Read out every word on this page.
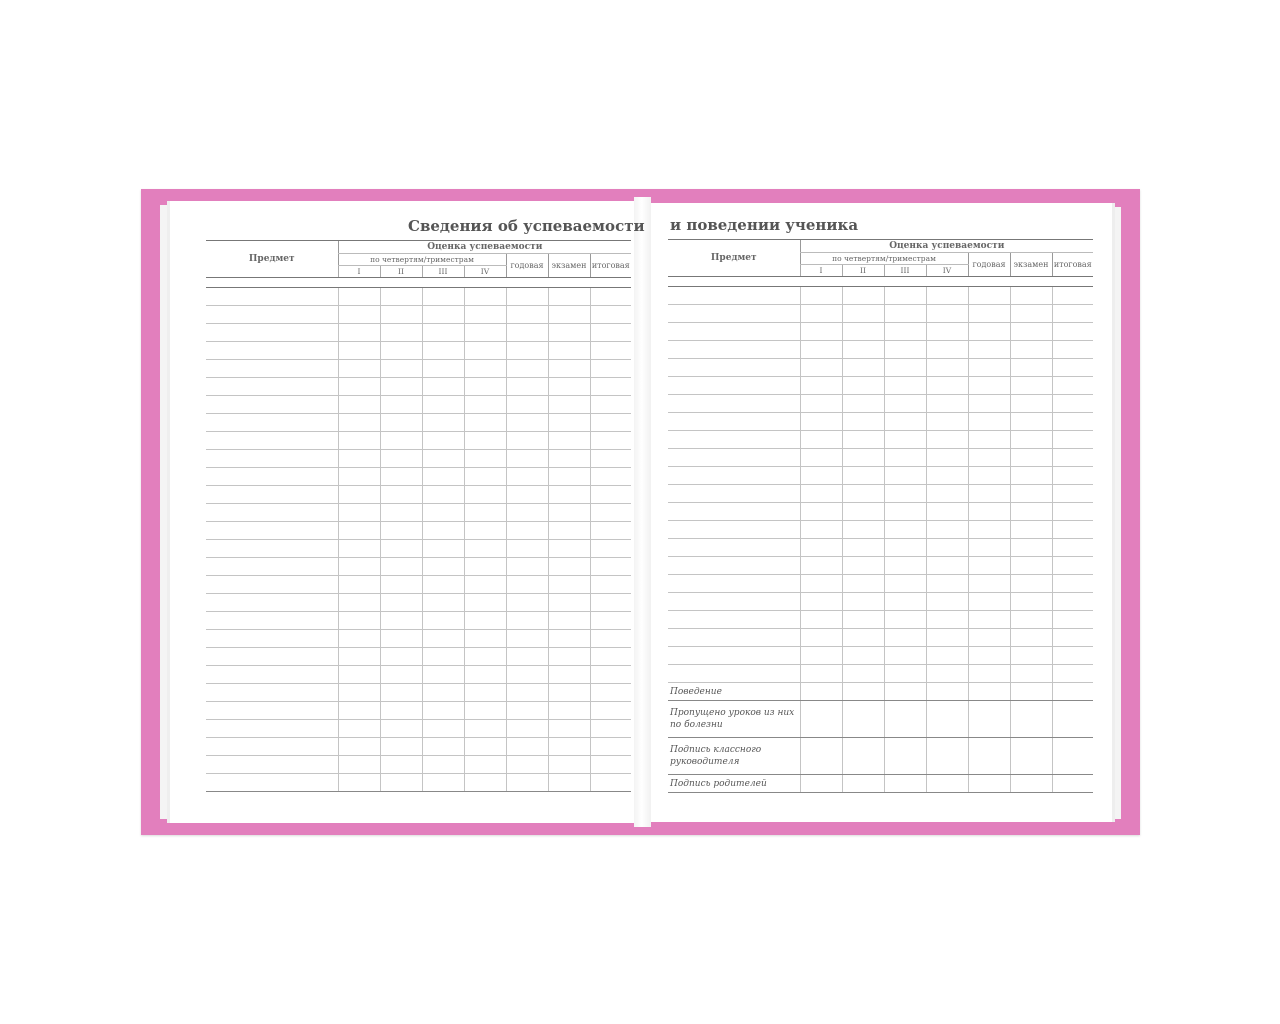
Сведения об успеваемости и поведении ученика
Предмет	Оценка успеваемости						
	по четвертям/триместрам				годовая	экзамен	итоговая
	I	II	III	IV			

Предмет	Оценка успеваемости						
	по четвертям/триместрам				годовая	экзамен	итоговая
	I	II	III	IV			

Поведение							
Пропущено уроков из них по болезни							
Подпись классного руководителя							
Подпись родителей							
